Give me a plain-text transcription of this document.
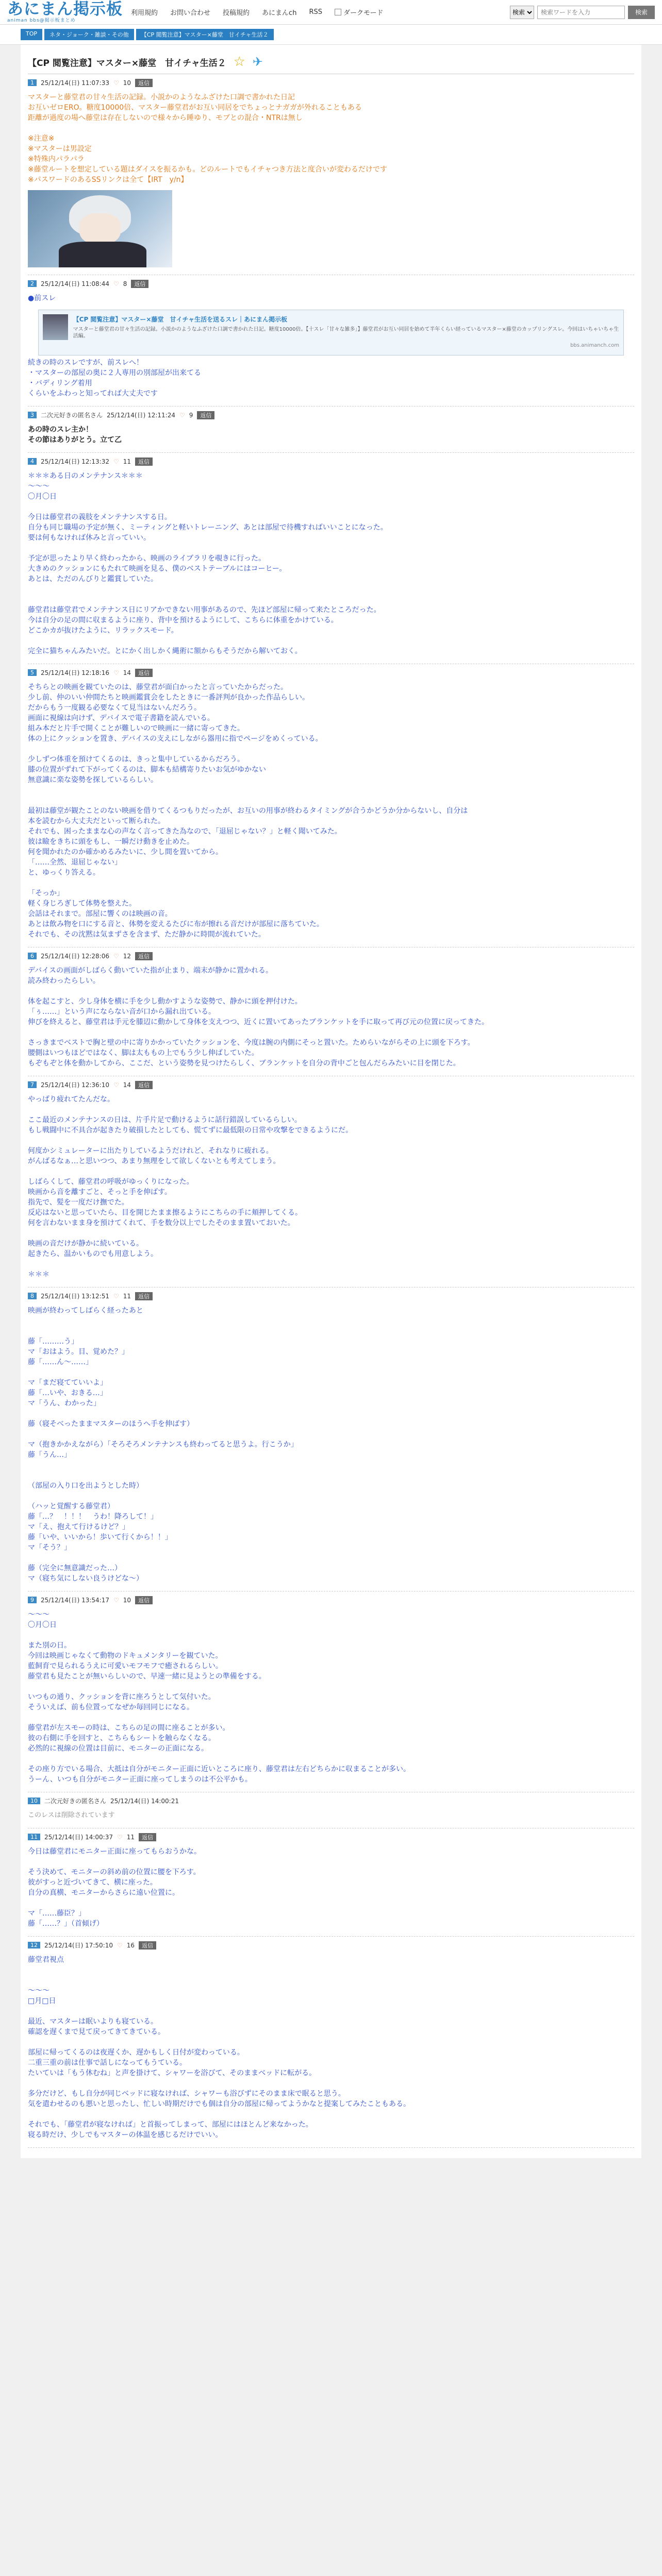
あにまん掲示板
animan bbs@掲示板まとめ
利用規約 お問い合わせ 投稿規約 あにまんch RSS	ダークモード
検索
検索ワードを入力	検索
TOP	ネタ・ジョーク・雑談・その他	【CP 閲覧注意】マスター×藤堂　甘イチャ生活２
【CP 閲覧注意】マスター×藤堂　甘イチャ生活２ ☆ ✈
1	25/12/14(日) 11:07:33 ♡ 10	返信

マスターと藤堂君の甘々生活の記録。小説かのようなふざけた口調で書かれた日記

お互いゼロERO。糖度10000倍、マスター藤堂君がお互い同居をでちょっとナガガが外れることもある

距離が過度の場へ藤堂は存在しないので様々から睡ゆり、モブとの混合・NTRは無し

※注意※

※マスターは男設定

※特殊内パラパラ

※藤堂ルートを想定している題はダイスを振るかも。どのルートでもイチャつき方法と度合いが変わるだけです

※パスワードのあるSSリンクは全て【IRT　y/n】

2	25/12/14(日) 11:08:44 ♡ 8	返信

●前スレ

【CP 閲覧注意】マスター×藤堂　甘イチャ生活を送るスレ｜あにまん掲示板
マスターと藤堂君の甘々生活の記録。小説かのようなふざけた口調で書かれた日記。糖度10000倍。【十スレ「甘々な雑多」】藤堂君がお互い同居を始めて半年くらい経っているマスター×藤堂のカップリングスレ。今回はいちゃいちゃ生活編。
bbs.animanch.com

続きの時のスレですが、前スレへ！

・マスターの部屋の奥に２人専用の別部屋が出来てる

・バディリング着用

くらいをふわっと知ってれば大丈夫です

3	二次元好きの匿名さん 25/12/14(日) 12:11:24 ♡ 9	返信

あの時のスレ主か！

その節はありがとう。立て乙

4	25/12/14(日) 12:13:32 ♡ 11	返信

＊＊＊ある日のメンテナンス＊＊＊

〜〜〜

〇月〇日

今日は藤堂君の義肢をメンテナンスする日。

自分も同じ職場の予定が無く、ミーティングと軽いトレーニング、あとは部屋で待機すればいいことになった。

要は何もなければ休みと言っていい。

予定が思ったより早く終わったから、映画のライブラリを覗きに行った。

大きめのクッションにもたれて映画を見る、僕のベストテーブルにはコーヒー。

あとは、ただのんびりと鑑賞していた。

藤堂君は藤堂君でメンテナンス日にリアかできない用事があるので、先ほど部屋に帰って来たところだった。

今は自分の足の間に収まるように座り、背中を預けるようにして、こちらに体重をかけている。

どこかカが抜けたように、リラックスモード。

完全に猫ちゃんみたいだ。とにかく出しかく縄術に額からもそうだから解いておく。

5	25/12/14(日) 12:18:16 ♡ 14	返信

そちらとの映画を観ていたのは、藤堂君が面白かったと言っていたからだった。

少し前、仲のいい仲間たちと映画鑑賞会をしたときに一番評判が良かった作品らしい。

だからもう一度観る必要なくて見当はないんだろう。

画面に視線は向けず、デバイスで電子書籍を読んでいる。

組み本だと片手で開くことが難しいので映画に一緒に寄ってきた。

体の上にクッションを置き、デバイスの支えにしながら器用に指でページをめくっている。

少しずつ体重を預けてくるのは、きっと集中しているからだろう。

膝の位置がずれて下がってくるのは、脚本も結構寄りたいお気がゆかない

無意識に楽な姿勢を探しているらしい。

最初は藤堂が観たことのない映画を借りてくるつもりだったが、お互いの用事が終わるタイミングが合うかどうか分からないし、自分は

本を読むから大丈夫だといって断られた。

それでも、困ったままな心の声なく言ってきた為なので、「退屈じゃない？」と軽く聞いてみた。

彼は瞼をきちに頭をもし、一瞬だけ動きを止めた。

何を聞かれたのか確かめるみたいに、少し間を置いてから。

「……全然、退屈じゃない」

と、ゆっくり答える。

「そっか」

軽く身じろぎして体勢を整えた。

会話はそれまで。部屋に響くのは映画の音。

あとは飲み物を口にする音と、体勢を変えるたびに布が擦れる音だけが部屋に落ちていた。

それでも、その沈黙は気まずさを含まず、ただ静かに時間が流れていた。

6	25/12/14(日) 12:28:06 ♡ 12	返信

デバイスの画面がしばらく動いていた指が止まり、端末が静かに置かれる。

読み終わったらしい。

体を起こすと、少し身体を横に手を少し動かすような姿勢で、静かに頭を押付けた。

「ぅ……」という声にならない音が口から漏れ出ている。

伸びを終えると、藤堂君は手元を膝辺に動かして身体を支えつつ、近くに置いてあったブランケットを手に取って再び元の位置に戻ってきた。

さっきまでベストで胸と壁の中に寄りかかっていたクッションを、今度は腕の内側にそっと置いた。ためらいながらその上に頭を下ろす。

腰側はいつもほどではなく、脚は太ももの上でもう少し伸ばしていた。

もぞもぞと体を動かしてから、ここだ、という姿勢を見つけたらしく、ブランケットを自分の背中ごと包んだらみたいに目を閉じた。

7	25/12/14(日) 12:36:10 ♡ 14	返信

やっぱり疲れてたんだな。

ここ最近のメンテナンスの日は、片手片足で動けるように話行錯誤しているらしい。

もし戦闘中に不具合が起きたり破損したとしても、慌てずに最低限の日常や攻撃をできるようにだ。

何度かシミュレーターに出たりしているようだけれど、それなりに疲れる。

がんばるなぁ…と思いつつ、あまり無理をして欲しくないとも考えてしまう。

しばらくして、藤堂君の呼吸がゆっくりになった。

映画から音を離すごと、そっと手を伸ばす。

指先で、髪を一度だけ撫でた。

反応はないと思っていたら、目を開じたまま擦るようにこちらの手に頬押してくる。

何を言わないまま身を預けてくれて、手を数分以上でしたそのまま置いておいた。

映画の音だけが静かに続いている。

起きたら、温かいものでも用意しよう。

＊＊＊

8	25/12/14(日) 13:12:51 ♡ 11	返信

映画が終わってしばらく経ったあと

藤「………う」

マ「おはよう。目、覚めた？」

藤「……ん〜……」

マ「まだ寝てていいよ」

藤「…いや、おきる…」

マ「うん、わかった」

藤（寝そべったままマスターのほうへ手を伸ばす）

マ（抱きかかえながら）「そろそろメンテナンスも終わってると思うよ。行こうか」

藤「うん…」

（部屋の入り口を出ようとした時）

（ハッと覚醒する藤堂君）

藤「…？　！！！　うわ！降ろして！」

マ「え、抱えて行けるけど？」

藤「いや、いいから！歩いて行くから！！」

マ「そう？」

藤（完全に無意識だった…）

マ（寝ち気にしない良うけどな〜）

9	25/12/14(日) 13:54:17 ♡ 10	返信

〜〜〜

〇月〇日

また別の日。

今回は映画じゃなくて動物のドキュメンタリーを観ていた。

藍飼育で見られるうえに可愛いモフモフで癒されるらしい。

藤堂君も見たことが無いらしいので、早速一緒に見ようとの準備をする。

いつもの通り、クッションを背に座ろうとして気付いた。

そういえば、前も位置ってなぜか毎回同じになる。

藤堂君が左スモーの時は、こちらの足の間に座ることが多い。

彼の右側に手を回すと、こちらもシートを触らなくなる。

必然的に視線の位置は目前に、モニターの正面になる。

その座り方でいる場合、大抵は自分がモニター正面に近いところに座り、藤堂君は左右どちらかに収まることが多い。

うーん、いつも自分がモニター正面に座ってしまうのは不公平かも。

10	二次元好きの匿名さん 25/12/14(日) 14:00:21

このレスは削除されています

11	25/12/14(日) 14:00:37 ♡ 11	返信

今日は藤堂君にモニター正面に座ってもらおうかな。

そう決めて、モニターの斜め前の位置に腰を下ろす。

彼がすっと近づいてきて、横に座った。

自分の真横、モニターからさらに遠い位置に。

マ「……藤臣？」

藤「……？」（首傾げ）

12	25/12/14(日) 17:50:10 ♡ 16	返信

藤堂君視点

〜〜〜

□月□日

最近、マスターは眠いよりも寝ている。

確認を遅くまで見て戻ってきてきている。

部屋に帰ってくるのは夜遅くか、遅かもしく日付が変わっている。

二重三重の前は仕事で話しになってもうている。

たいていは「もう休むね」と声を掛けて、シャワーを浴びて、そのままベッドに転がる。

多分だけど、もし自分が同じベッドに寝なければ、シャワーも浴びずにそのまま床で眠ると思う。

気を遣わせるのも悪いと思ったし、忙しい時期だけでも個は自分の部屋に帰ってようかなと提案してみたこともある。

それでも、「藤堂君が寝なければ」と首振ってしまって、部屋にはほとんど来なかった。

寝る時だけ、少しでもマスターの体温を感じるだけでいい。
